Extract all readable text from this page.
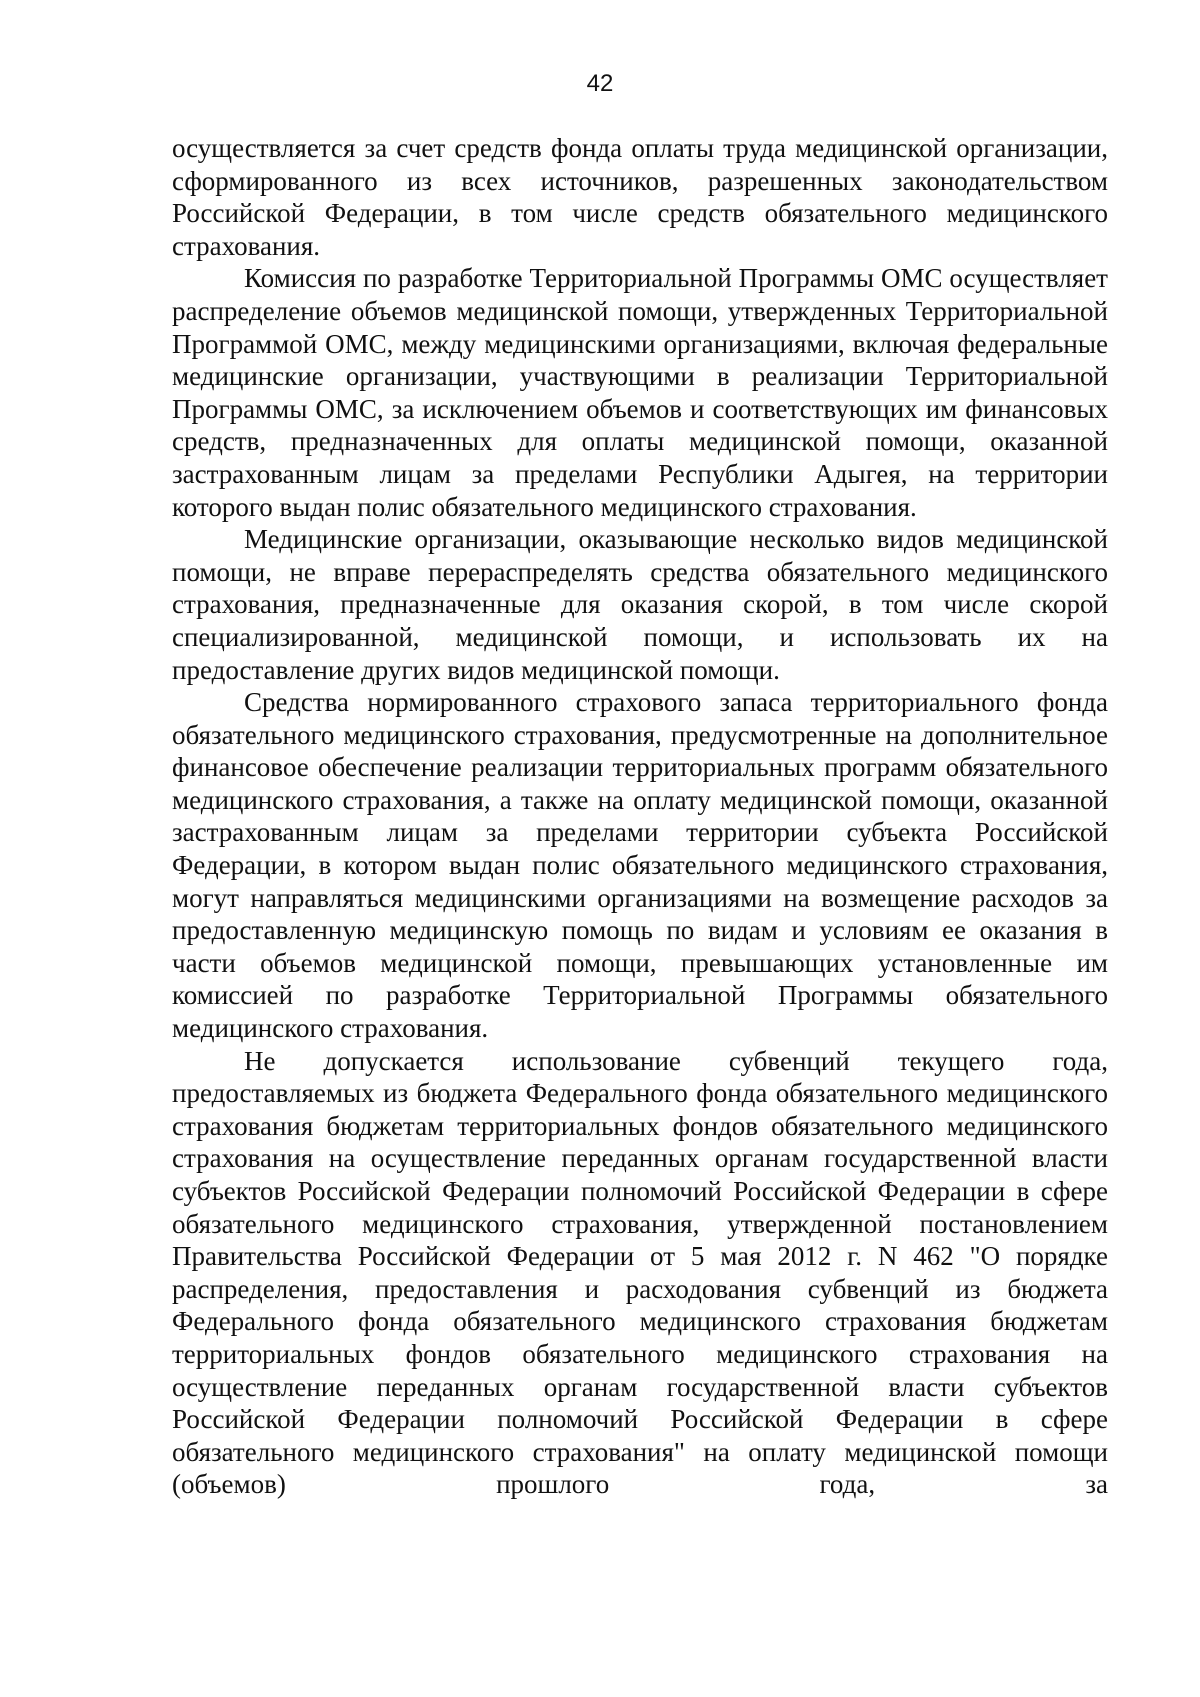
42

осуществляется за счет средств фонда оплаты труда медицинской организации, сформированного из всех источников, разрешенных законодательством Российской Федерации, в том числе средств обязательного медицинского страхования.

Комиссия по разработке Территориальной Программы ОМС осуществляет распределение объемов медицинской помощи, утвержденных Территориальной Программой ОМС, между медицинскими организациями, включая федеральные медицинские организации, участвующими в реализации Территориальной Программы ОМС, за исключением объемов и соответствующих им финансовых средств, предназначенных для оплаты медицинской помощи, оказанной застрахованным лицам за пределами Республики Адыгея, на территории которого выдан полис обязательного медицинского страхования.

Медицинские организации, оказывающие несколько видов медицинской помощи, не вправе перераспределять средства обязательного медицинского страхования, предназначенные для оказания скорой, в том числе скорой специализированной, медицинской помощи, и использовать их на предоставление других видов медицинской помощи.

Средства нормированного страхового запаса территориального фонда обязательного медицинского страхования, предусмотренные на дополнительное финансовое обеспечение реализации территориальных программ обязательного медицинского страхования, а также на оплату медицинской помощи, оказанной застрахованным лицам за пределами территории субъекта Российской Федерации, в котором выдан полис обязательного медицинского страхования, могут направляться медицинскими организациями на возмещение расходов за предоставленную медицинскую помощь по видам и условиям ее оказания в части объемов медицинской помощи, превышающих установленные им комиссией по разработке Территориальной Программы обязательного медицинского страхования.

Не допускается использование субвенций текущего года, предоставляемых из бюджета Федерального фонда обязательного медицинского страхования бюджетам территориальных фондов обязательного медицинского страхования на осуществление переданных органам государственной власти субъектов Российской Федерации полномочий Российской Федерации в сфере обязательного медицинского страхования, утвержденной постановлением Правительства Российской Федерации от 5 мая 2012 г. N 462 "О порядке распределения, предоставления и расходования субвенций из бюджета Федерального фонда обязательного медицинского страхования бюджетам территориальных фондов обязательного медицинского страхования на осуществление переданных органам государственной власти субъектов Российской Федерации полномочий Российской Федерации в сфере обязательного медицинского страхования" на оплату медицинской помощи (объемов) прошлого года, за
